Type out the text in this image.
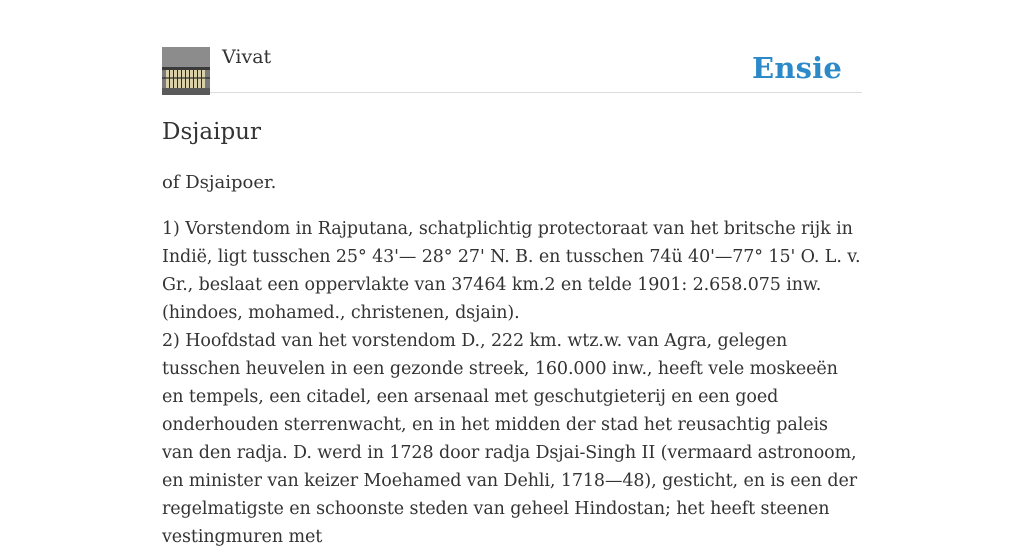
Vivat	Ensie
Dsjaipur
of Dsjaipoer.

1) Vorstendom in Rajputana, schatplichtig protectoraat van het britsche rijk in Indië, ligt tusschen 25° 43'— 28° 27' N. B. en tusschen 74ü 40'—77° 15' O. L. v. Gr., beslaat een oppervlakte van 37464 km.2 en telde 1901: 2.658.075 inw. (hindoes, mohamed., christenen, dsjain).

2) Hoofdstad van het vorstendom D., 222 km. wtz.w. van Agra, gelegen tusschen heuvelen in een gezonde streek, 160.000 inw., heeft vele moskeeën en tempels, een citadel, een arsenaal met geschutgieterij en een goed onderhouden sterrenwacht, en in het midden der stad het reusachtig paleis van den radja. D. werd in 1728 door radja Dsjai-Singh II (vermaard astronoom, en minister van keizer Moehamed van Dehli, 1718—48), gesticht, en is een der regelmatigste en schoonste steden van geheel Hindostan; het heeft steenen vestingmuren met
